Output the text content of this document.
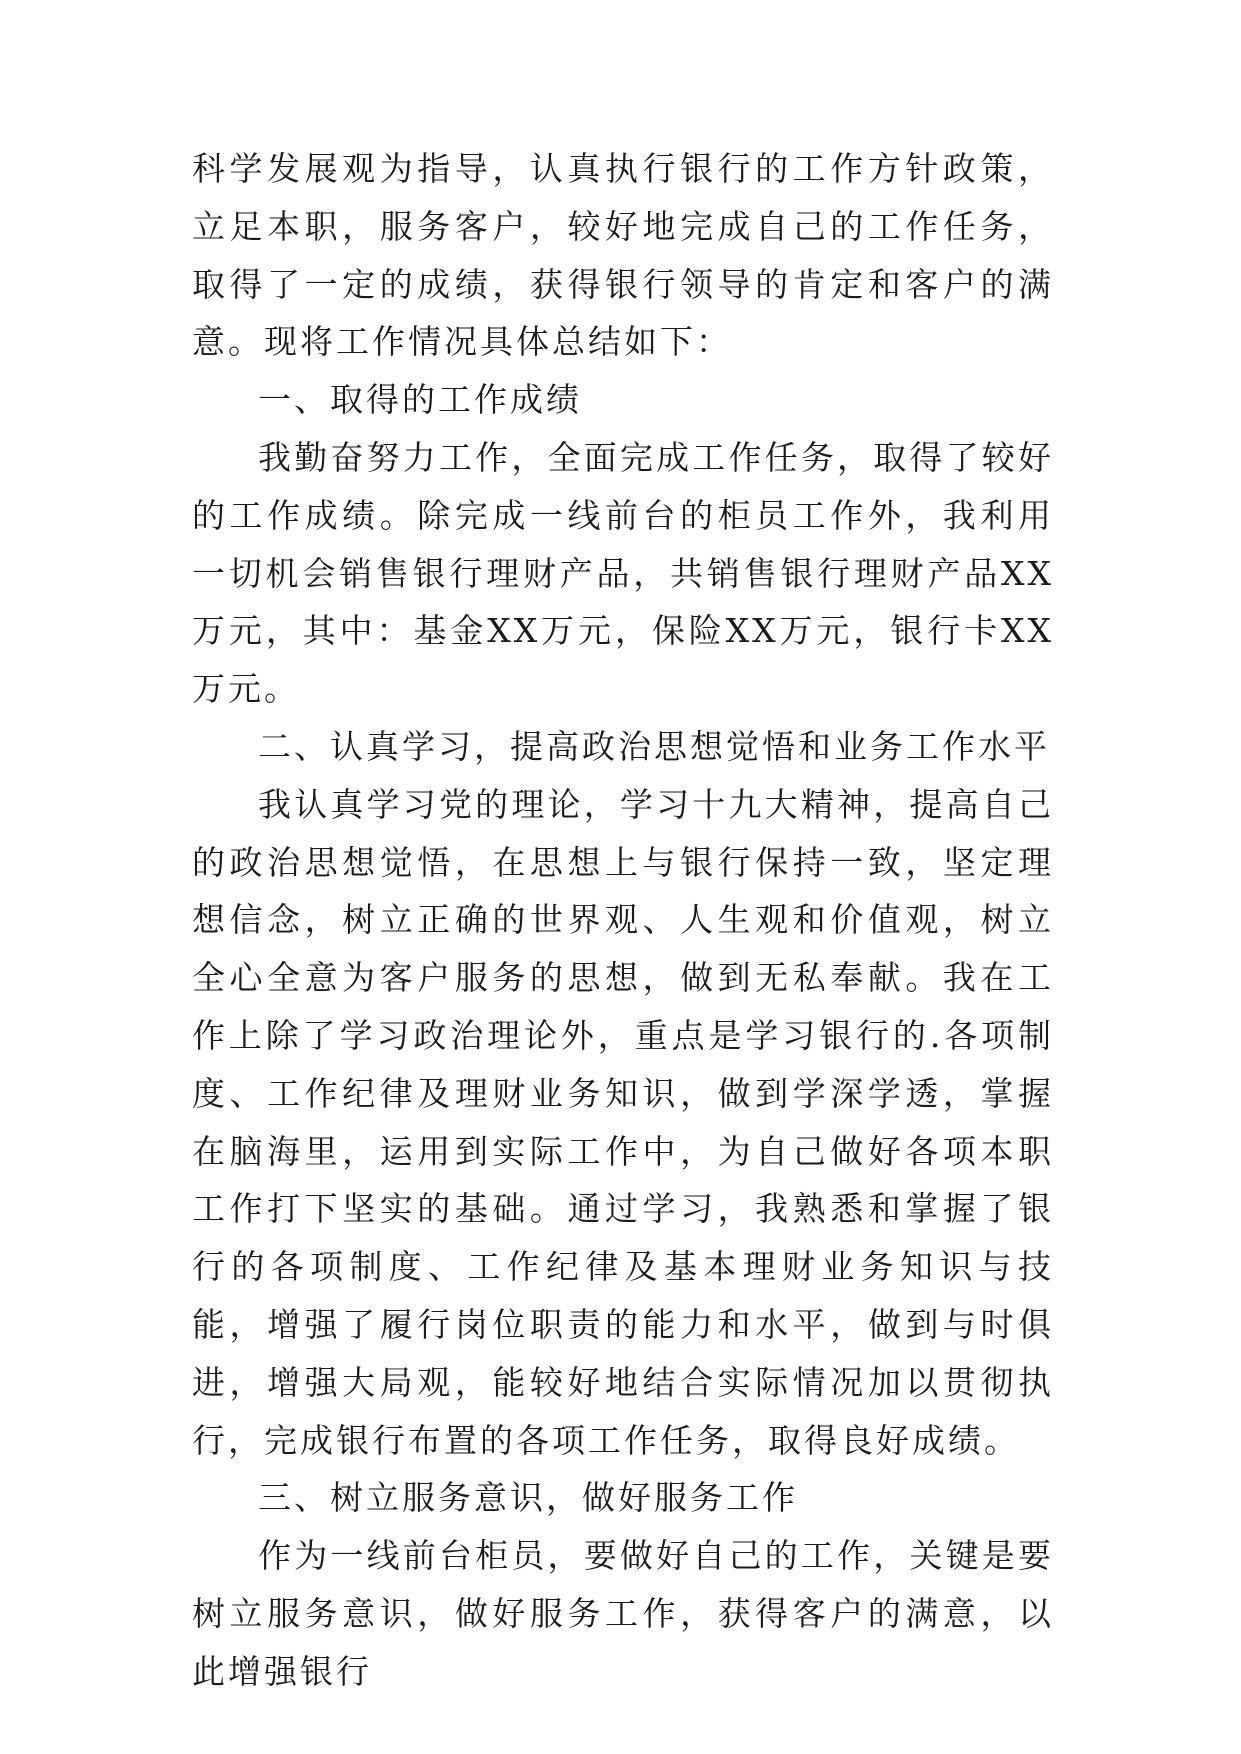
科学发展观为指导，认真执行银行的工作方针政策，立足本职，服务客户，较好地完成自己的工作任务，取得了一定的成绩，获得银行领导的肯定和客户的满意。现将工作情况具体总结如下：

一、取得的工作成绩

我勤奋努力工作，全面完成工作任务，取得了较好的工作成绩。除完成一线前台的柜员工作外，我利用一切机会销售银行理财产品，共销售银行理财产品XX万元，其中：基金XX万元，保险XX万元，银行卡XX万元。

二、认真学习，提高政治思想觉悟和业务工作水平

我认真学习党的理论，学习十九大精神，提高自己的政治思想觉悟，在思想上与银行保持一致，坚定理想信念，树立正确的世界观、人生观和价值观，树立全心全意为客户服务的思想，做到无私奉献。我在工作上除了学习政治理论外，重点是学习银行的.各项制度、工作纪律及理财业务知识，做到学深学透，掌握在脑海里，运用到实际工作中，为自己做好各项本职工作打下坚实的基础。通过学习，我熟悉和掌握了银行的各项制度、工作纪律及基本理财业务知识与技能，增强了履行岗位职责的能力和水平，做到与时俱进，增强大局观，能较好地结合实际情况加以贯彻执行，完成银行布置的各项工作任务，取得良好成绩。

三、树立服务意识，做好服务工作

作为一线前台柜员，要做好自己的工作，关键是要树立服务意识，做好服务工作，获得客户的满意，以此增强银行
